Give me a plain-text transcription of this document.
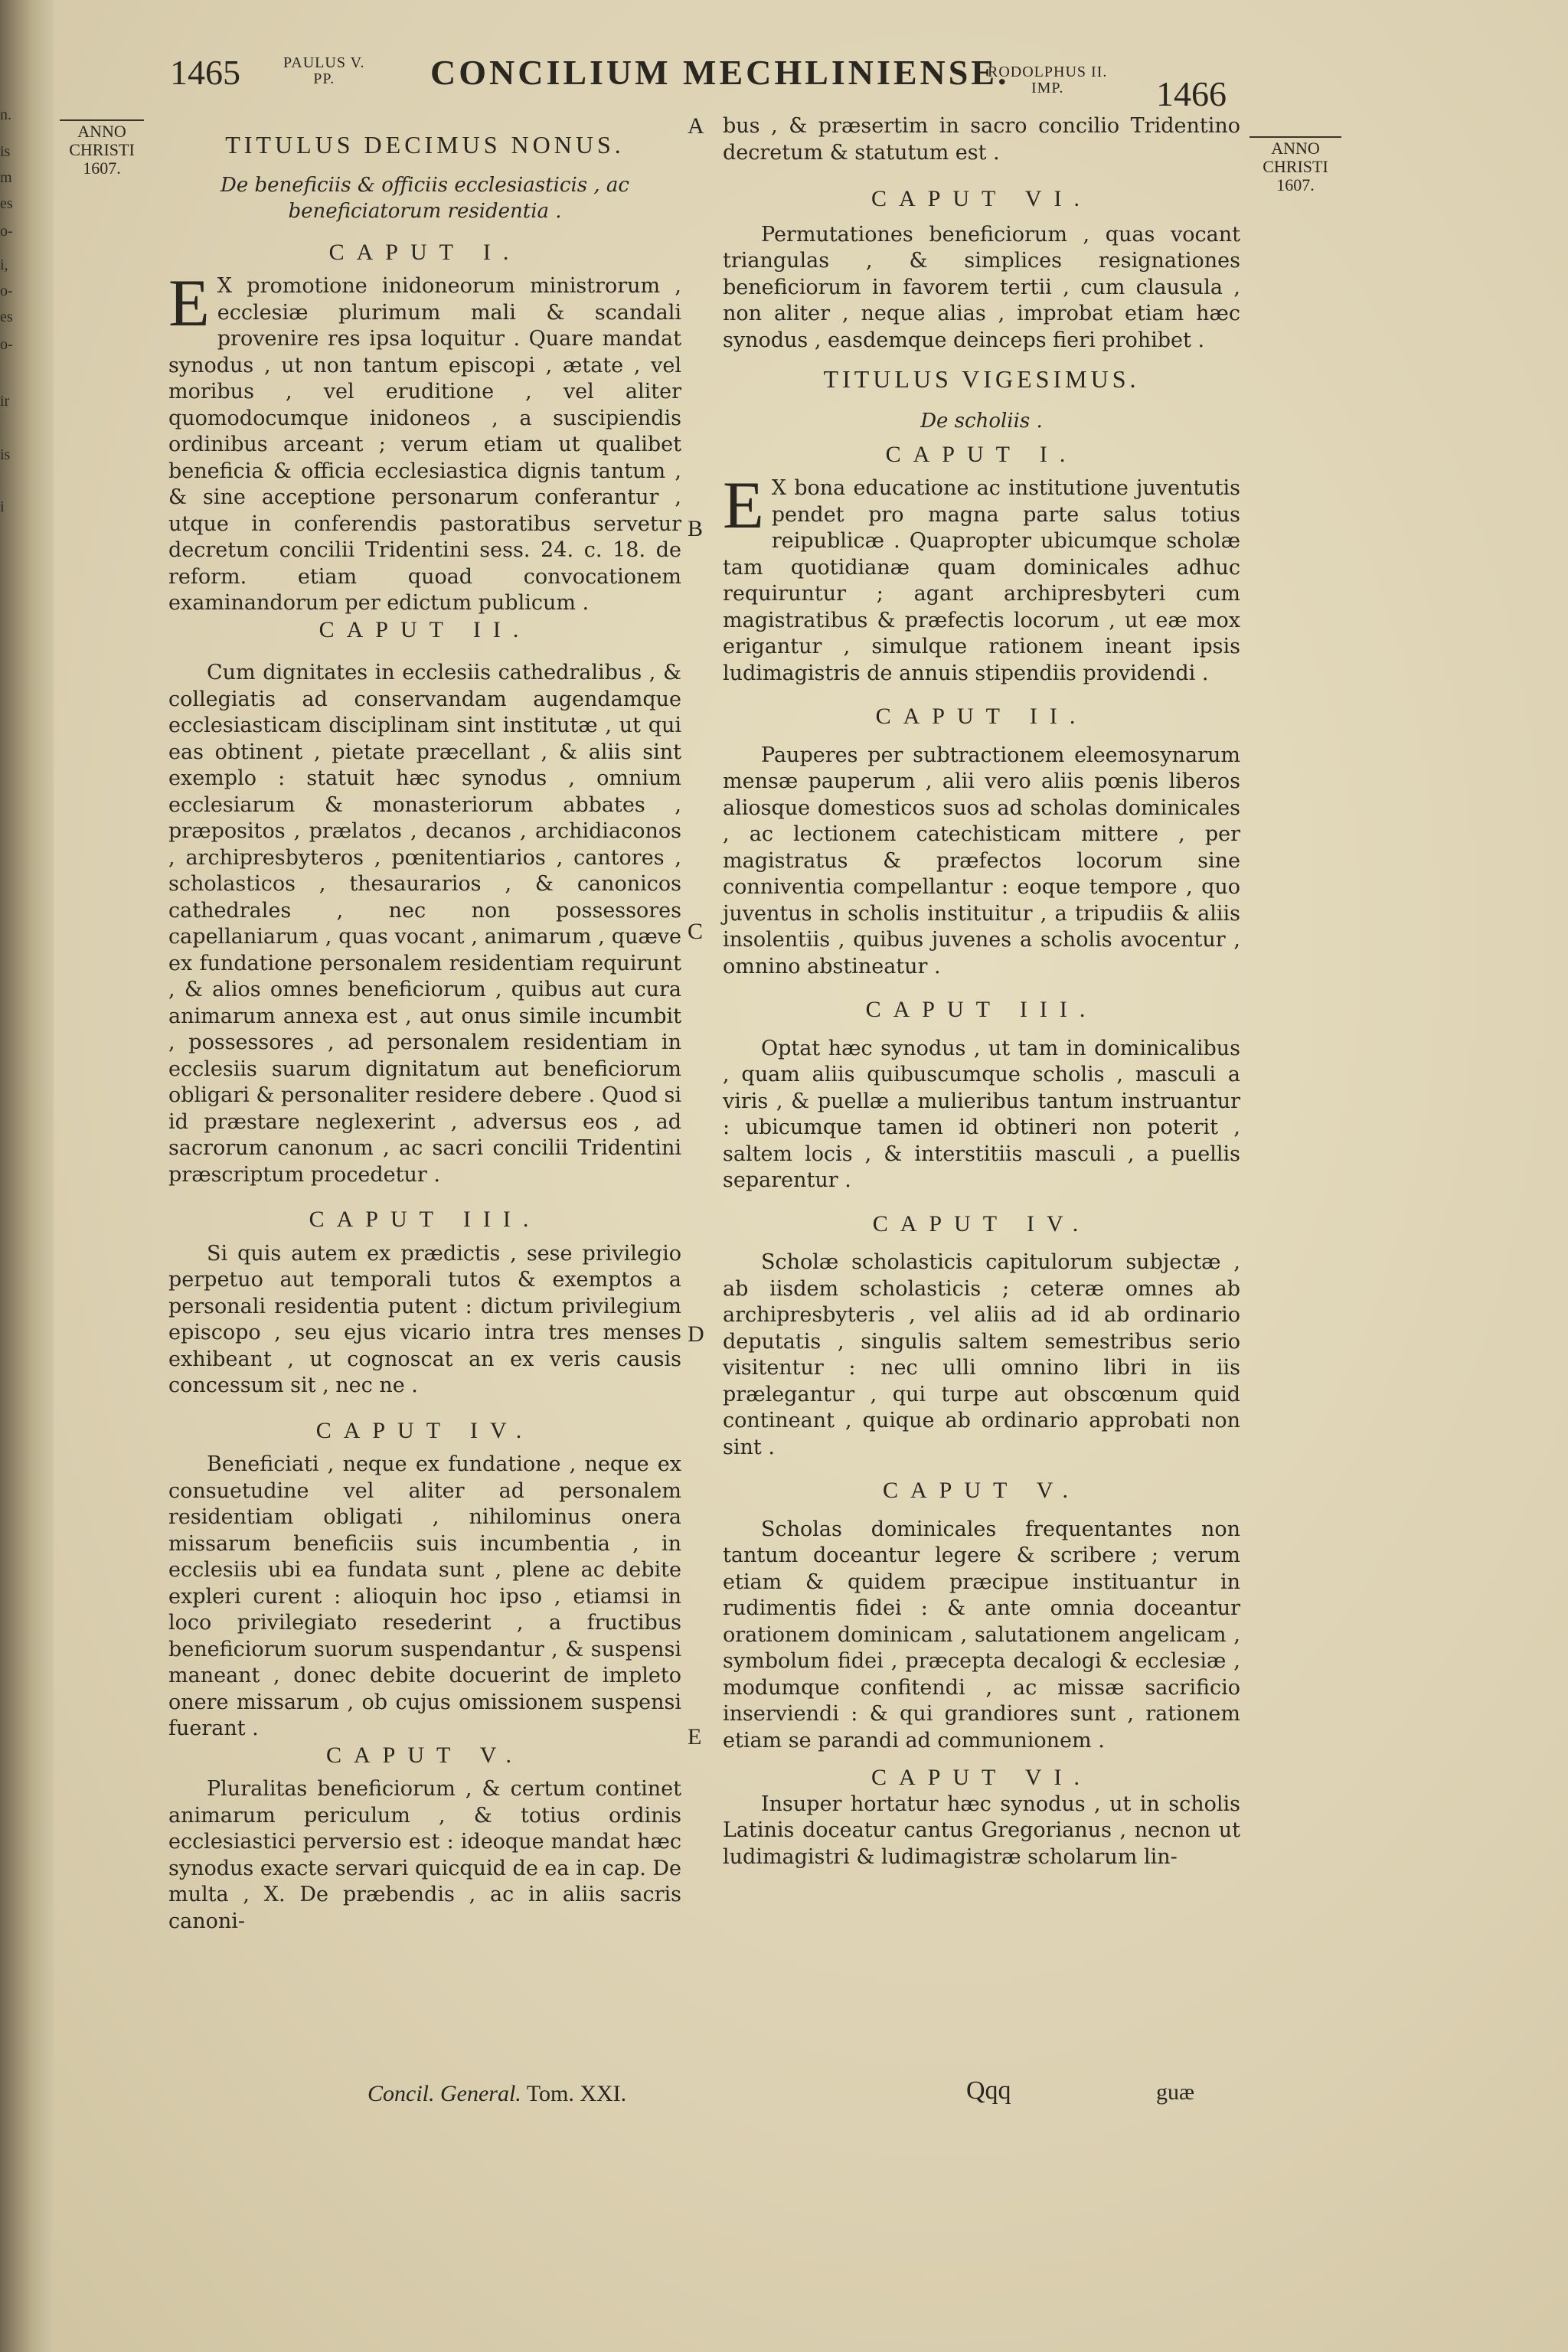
n.
is
m
es
o-
i,
o-
es
o-
ir
is
i
1465	PAULUS V.
PP.	CONCILIUM MECHLINIENSE.
RODOLPHUS II.
IMP.	1466
ANNO
CHRISTI
1607.
ANNO
CHRISTI
1607.
A
B
C
D
E
TITULUS DECIMUS NONUS.
De beneficiis & officiis ecclesiasticis , ac
beneficiatorum residentia .
CAPUT I.

E X promotione inidoneorum ministrorum , ecclesiæ plurimum mali & scandali provenire res ipsa loquitur . Quare mandat synodus , ut non tantum episcopi , ætate , vel moribus , vel eruditione , vel aliter quomodocumque inidoneos , a suscipiendis ordinibus arceant ; verum etiam ut qualibet beneficia & officia ecclesiastica dignis tantum , & sine acceptione personarum conferantur , utque in conferendis pastoratibus servetur decretum concilii Tridentini sess. 24. c. 18. de reform. etiam quoad convocationem examinandorum per edictum publicum .

CAPUT II.

Cum dignitates in ecclesiis cathedralibus , & collegiatis ad conservandam augendamque ecclesiasticam disciplinam sint institutæ , ut qui eas obtinent , pietate præcellant , & aliis sint exemplo : statuit hæc synodus , omnium ecclesiarum & monasteriorum abbates , præpositos , prælatos , decanos , archidiaconos , archipresbyteros , pœnitentiarios , cantores , scholasticos , thesaurarios , & canonicos cathedrales , nec non possessores capellaniarum , quas vocant , animarum , quæve ex fundatione personalem residentiam requirunt , & alios omnes beneficiorum , quibus aut cura animarum annexa est , aut onus simile incumbit , possessores , ad personalem residentiam in ecclesiis suarum dignitatum aut beneficiorum obligari & personaliter residere debere . Quod si id præstare neglexerint , adversus eos , ad sacrorum canonum , ac sacri concilii Tridentini præscriptum procedetur .

CAPUT III.

Si quis autem ex prædictis , sese privilegio perpetuo aut temporali tutos & exemptos a personali residentia putent : dictum privilegium episcopo , seu ejus vicario intra tres menses exhibeant , ut cognoscat an ex veris causis concessum sit , nec ne .

CAPUT IV.

Beneficiati , neque ex fundatione , neque ex consuetudine vel aliter ad personalem residentiam obligati , nihilominus onera missarum beneficiis suis incumbentia , in ecclesiis ubi ea fundata sunt , plene ac debite expleri curent : alioquin hoc ipso , etiamsi in loco privilegiato resederint , a fructibus beneficiorum suorum suspendantur , & suspensi maneant , donec debite docuerint de impleto onere missarum , ob cujus omissionem suspensi fuerant .

CAPUT V.

Pluralitas beneficiorum , & certum continet animarum periculum , & totius ordinis ecclesiastici perversio est : ideoque mandat hæc synodus exacte servari quicquid de ea in cap. De multa , X. De præbendis , ac in aliis sacris canoni-

bus , & præsertim in sacro concilio Tridentino decretum & statutum est .

CAPUT VI.

Permutationes beneficiorum , quas vocant triangulas , & simplices resignationes beneficiorum in favorem tertii , cum clausula , non aliter , neque alias , improbat etiam hæc synodus , easdemque deinceps fieri prohibet .

TITULUS VIGESIMUS.
De scholiis .
CAPUT I.

E X bona educatione ac institutione juventutis pendet pro magna parte salus totius reipublicæ . Quapropter ubicumque scholæ tam quotidianæ quam dominicales adhuc requiruntur ; agant archipresbyteri cum magistratibus & præfectis locorum , ut eæ mox erigantur , simulque rationem ineant ipsis ludimagistris de annuis stipendiis providendi .

CAPUT II.

Pauperes per subtractionem eleemosynarum mensæ pauperum , alii vero aliis pœnis liberos aliosque domesticos suos ad scholas dominicales , ac lectionem catechisticam mittere , per magistratus & præfectos locorum sine conniventia compellantur : eoque tempore , quo juventus in scholis instituitur , a tripudiis & aliis insolentiis , quibus juvenes a scholis avocentur , omnino abstineatur .

CAPUT III.

Optat hæc synodus , ut tam in dominicalibus , quam aliis quibuscumque scholis , masculi a viris , & puellæ a mulieribus tantum instruantur : ubicumque tamen id obtineri non poterit , saltem locis , & interstitiis masculi , a puellis separentur .

CAPUT IV.

Scholæ scholasticis capitulorum subjectæ , ab iisdem scholasticis ; ceteræ omnes ab archipresbyteris , vel aliis ad id ab ordinario deputatis , singulis saltem semestribus serio visitentur : nec ulli omnino libri in iis prælegantur , qui turpe aut obscœnum quid contineant , quique ab ordinario approbati non sint .

CAPUT V.

Scholas dominicales frequentantes non tantum doceantur legere & scribere ; verum etiam & quidem præcipue instituantur in rudimentis fidei : & ante omnia doceantur orationem dominicam , salutationem angelicam , symbolum fidei , præcepta decalogi & ecclesiæ , modumque confitendi , ac missæ sacrificio inserviendi : & qui grandiores sunt , rationem etiam se parandi ad communionem .

CAPUT VI.

Insuper hortatur hæc synodus , ut in scholis Latinis doceatur cantus Gregorianus , necnon ut ludimagistri & ludimagistræ scholarum lin-

Concil. General. Tom. XXI.	Qqq	guæ
